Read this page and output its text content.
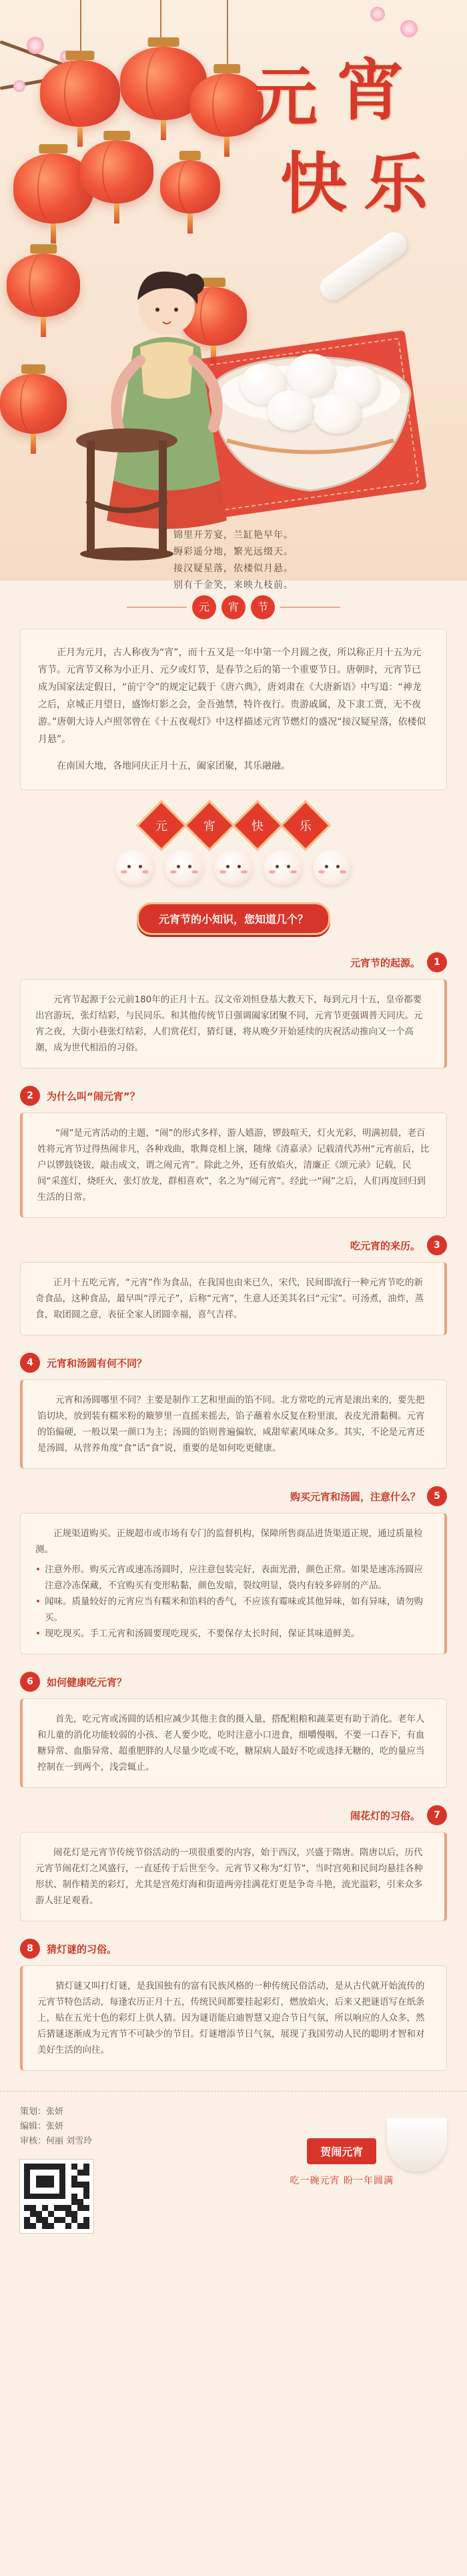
元 宵
快 乐

锦里开芳宴，兰缸艳早年。

缛彩遥分地，繁光远缀天。

接汉疑星落，依楼似月悬。

别有千金笑，来映九枝前。

元	宵	节

正月为元月，古人称夜为“宵”，而十五又是一年中第一个月圆之夜，所以称正月十五为元宵节。元宵节又称为小正月、元夕或灯节，是春节之后的第一个重要节日。唐朝时，元宵节已成为国家法定假日，“前宁令”的规定记载于《唐六典》，唐刘肃在《大唐新语》中写道：“神龙之后，京城正月望日，盛饰灯影之会，金吾弛禁，特许夜行。贵游戚属，及下隶工贾，无不夜游。”唐朝大诗人卢照邻曾在《十五夜观灯》中这样描述元宵节燃灯的盛况“接汉疑星落，依楼似月悬”。

在南国大地，各地同庆正月十五，阖家团聚，其乐融融。

元	宵	快	乐
元宵节的小知识，您知道几个？
元宵节的起源。	1
元宵节起源于公元前180年的正月十五。汉文帝刘恒登基大教天下，每到元月十五，皇帝都要出宫游玩，张灯结彩，与民同乐。和其他传统节日强调阖家团聚不同，元宵节更强调普天同庆。元宵之夜，大街小巷张灯结彩，人们赏花灯，猜灯谜，将从晚夕开始延续的庆祝活动推向又一个高潮，成为世代相沿的习俗。
2	为什么叫“闹元宵”？
“闹”是元宵活动的主题，“闹”的形式多样，游人嬉游，锣鼓喧天，灯火光彩，明满初晨，老百姓将元宵节过得热闹非凡，各种戏曲，歌舞竞相上演，随缘《清嘉录》记载清代苏州“元宵前后，比户以锣鼓铙钹，敲击成文，谓之闹元宵”。除此之外，还有放焰火，清廉正《颂元录》记载，民间“采莲灯，烧旺火，张灯放龙，群相喜欢”，名之为“闹元宵”。经此一“闹”之后，人们再度回归到生活的日常。
吃元宵的来历。	3
正月十五吃元宵，“元宵”作为食品，在我国也由来已久，宋代，民间即流行一种元宵节吃的新奇食品，这种食品，最早叫“浮元子”，后称“元宵”，生意人还美其名曰“元宝”。可汤煮，油炸，蒸食，取团圆之意，表征全家人团圆幸福，喜气吉祥。
4	元宵和汤圆有何不同？
元宵和汤圆哪里不同？主要是制作工艺和里面的馅不同。北方常吃的元宵是滚出来的，要先把馅切块，放到装有糯米粉的簸箩里一直摇来摇去，馅子蘸着水反复在粉里滚，表皮光滑黏稠。元宵的馅偏硬，一般以果一颜口为主；汤圆的馅则普遍偏软，咸甜荤素风味众多。其实，不论是元宵还是汤圆，从营养角度“食”话“食”说，重要的是如何吃更健康。
购买元宵和汤圆，注意什么？	5
正规渠道购买。正规超市或市场有专门的监督机构，保障所售商品进货渠道正规，通过质量检测。
• 注意外形。购买元宵或速冻汤圆时，应注意包装完好，表面光滑，颜色正常。如果是速冻汤圆应注意冷冻保藏，不宜购买有变形粘黏，颜色发暗，裂纹明显，袋内有较多碎屑的产品。
• 闻味。质量较好的元宵应当有糯米和馅料的香气，不应该有霉味或其他异味，如有异味，请勿购买。
• 现吃现买。手工元宵和汤圆要现吃现买，不要保存太长时间，保证其味道鲜美。
6	如何健康吃元宵？
首先，吃元宵或汤圆的话相应减少其他主食的摄入量，搭配粗粮和蔬菜更有助于消化。老年人和儿童的消化功能较弱的小孩、老人要少吃，吃时注意小口进食，细嚼慢咽，不要一口吞下，有血糖异常、血脂异常、超重肥胖的人尽量少吃或不吃，糖尿病人最好不吃或选择无糖的，吃的量应当控制在一到两个，浅尝辄止。
闹花灯的习俗。	7
闹花灯是元宵节传统节俗活动的一项很重要的内容，始于西汉，兴盛于隋唐。隋唐以后，历代元宵节闹花灯之风盛行，一直延传于后世至今。元宵节又称为“灯节”，当时宫苑和民间均悬挂各种形状、制作精美的彩灯，尤其是宫苑灯海和街道两旁挂满花灯更是争奇斗艳，流光溢彩，引来众多游人驻足观看。
8	猜灯谜的习俗。
猜灯谜又叫打灯谜，是我国独有的富有民族风格的一种传统民俗活动，是从古代就开始流传的元宵节特色活动，每逢农历正月十五，传统民间都要挂起彩灯，燃放焰火，后来又把谜语写在纸条上，贴在五光十色的彩灯上供人猜。因为谜语能启迪智慧又迎合节日气氛，所以响应的人众多，然后猜谜逐渐成为元宵节不可缺少的节目。灯谜增添节日气氛，展现了我国劳动人民的聪明才智和对美好生活的向往。

策划：张妍

编辑：张妍

审核：何丽 刘雪玲

贺闹元宵
吃一碗元宵 盼一年圆满
